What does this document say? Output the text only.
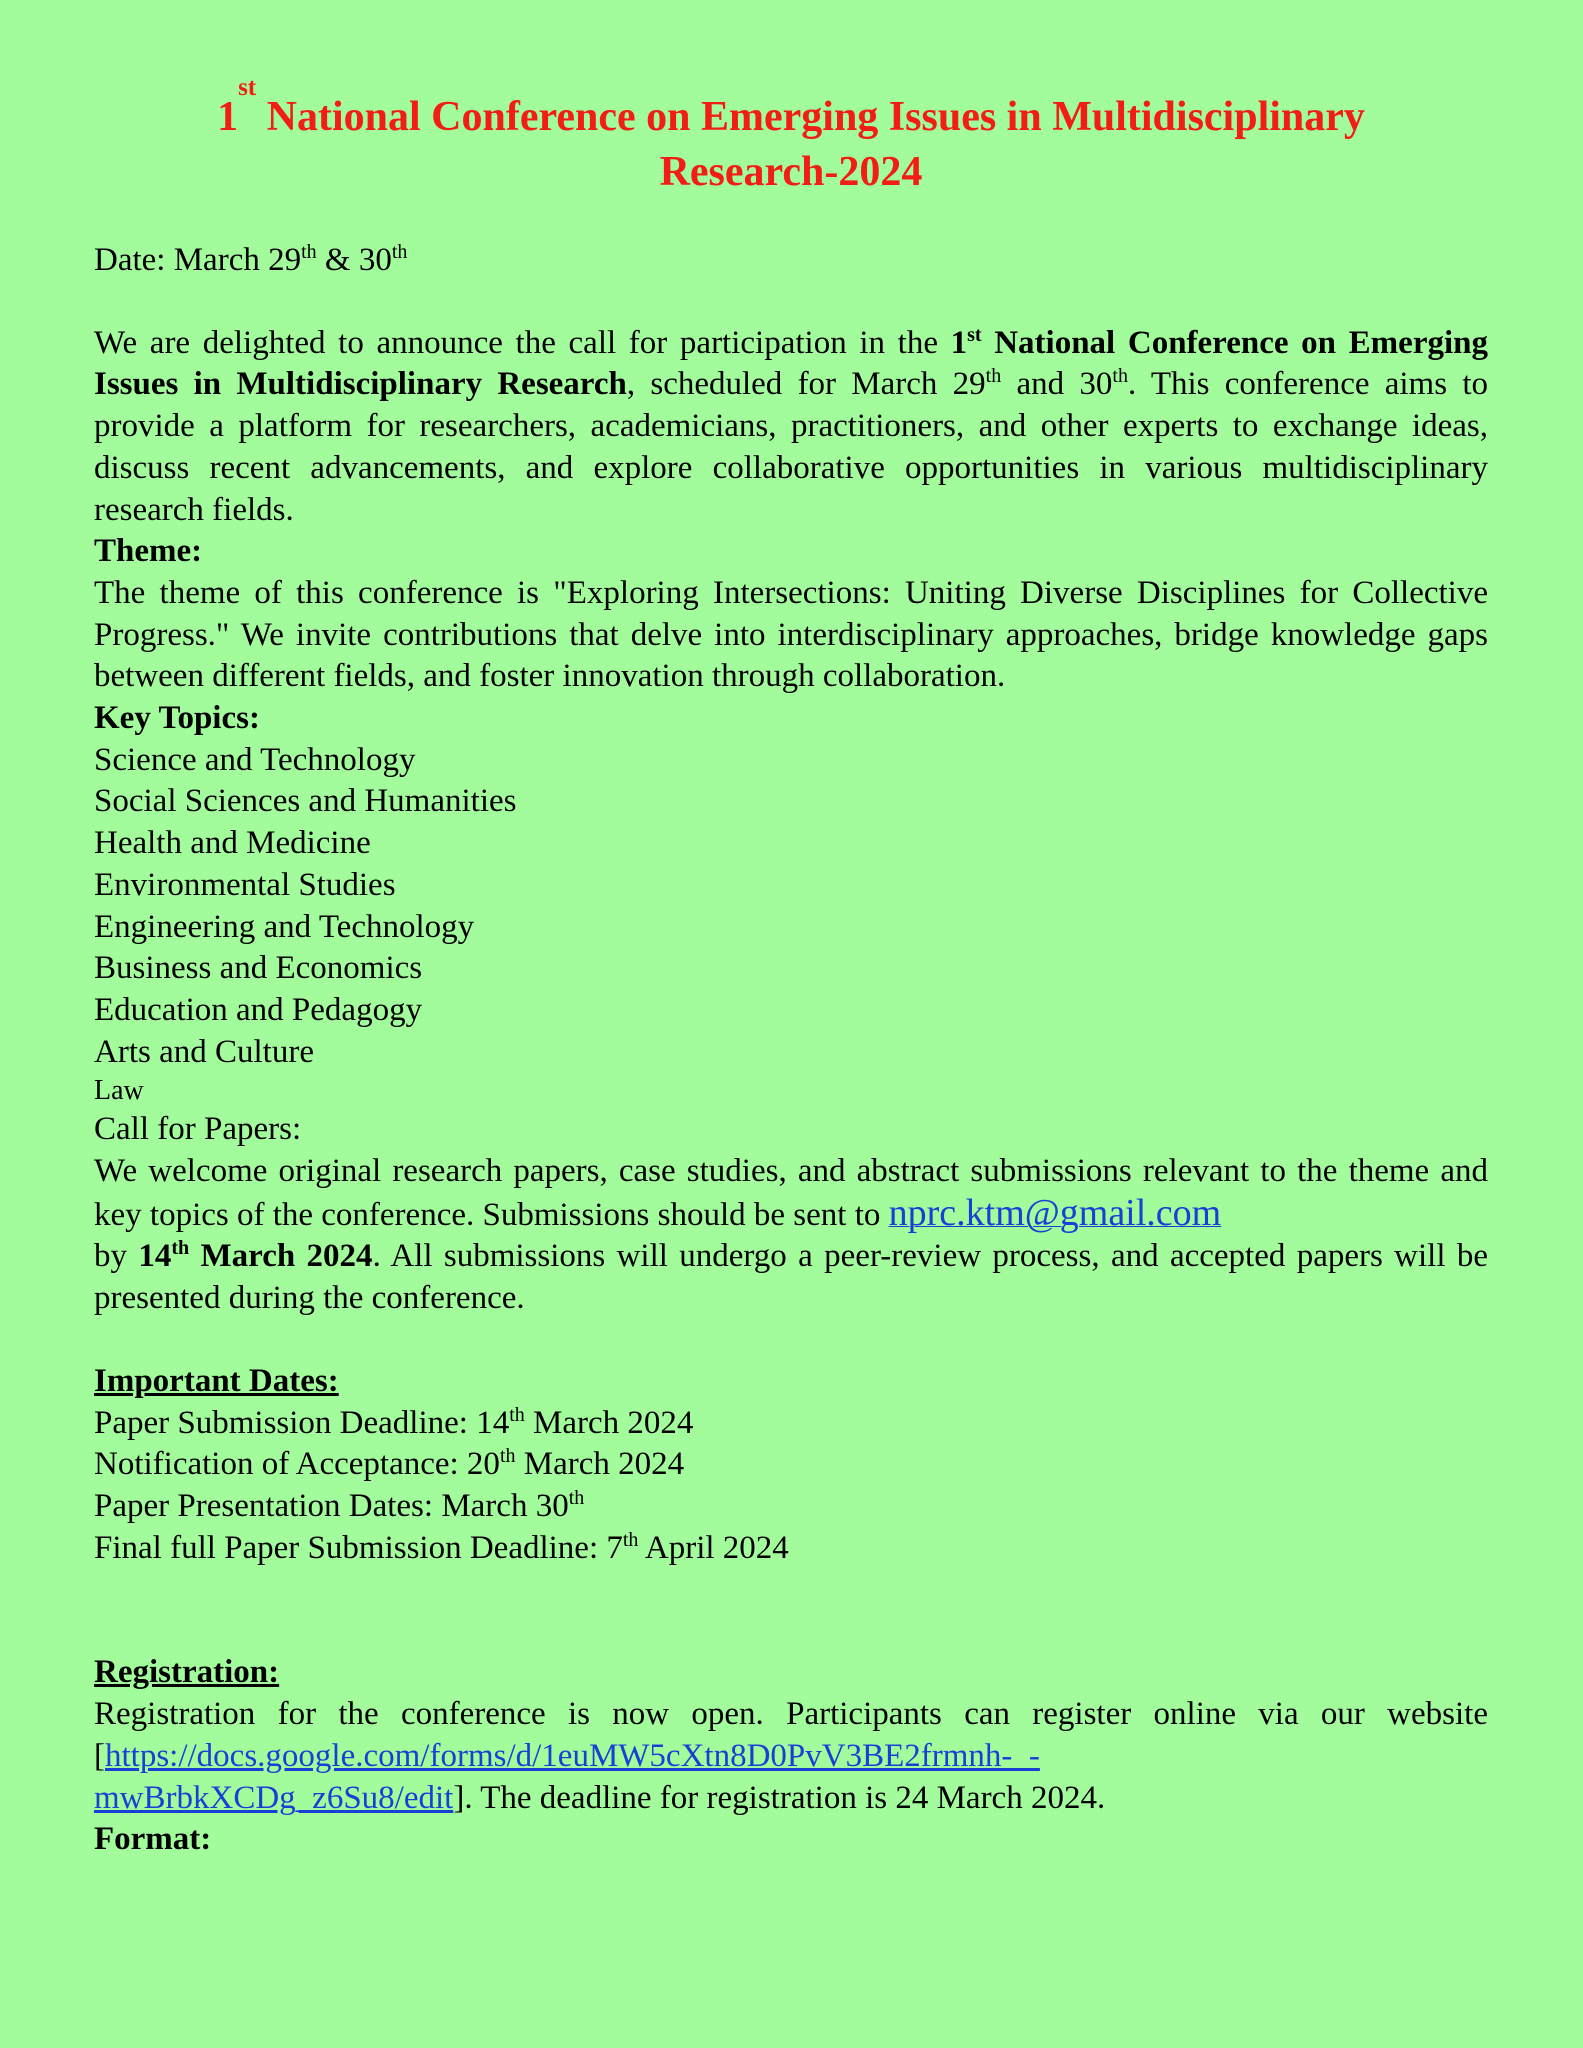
1st National Conference on Emerging Issues in Multidisciplinary
Research-2024

Date: March 29th & 30th

We are delighted to announce the call for participation in the 1st National Conference on Emerging Issues in Multidisciplinary Research, scheduled for March 29th and 30th. This conference aims to provide a platform for researchers, academicians, practitioners, and other experts to exchange ideas, discuss recent advancements, and explore collaborative opportunities in various multidisciplinary research fields.

Theme:

The theme of this conference is "Exploring Intersections: Uniting Diverse Disciplines for Collective Progress." We invite contributions that delve into interdisciplinary approaches, bridge knowledge gaps between different fields, and foster innovation through collaboration.

Key Topics:

Science and Technology
Social Sciences and Humanities
Health and Medicine
Environmental Studies
Engineering and Technology
Business and Economics
Education and Pedagogy
Arts and Culture
Law

Call for Papers:

We welcome original research papers, case studies, and abstract submissions relevant to the theme and key topics of the conference. Submissions should be sent to nprc.ktm@gmail.com
by 14th March 2024. All submissions will undergo a peer-review process, and accepted papers will be presented during the conference.

Important Dates:

Paper Submission Deadline: 14th March 2024

Notification of Acceptance: 20th March 2024

Paper Presentation Dates: March 30th

Final full Paper Submission Deadline: 7th April 2024

Registration:

Registration for the conference is now open. Participants can register online via our website [https://docs.google.com/forms/d/1euMW5cXtn8D0PvV3BE2frmnh-_-
mwBrbkXCDg_z6Su8/edit]. The deadline for registration is 24 March 2024.

Format:
